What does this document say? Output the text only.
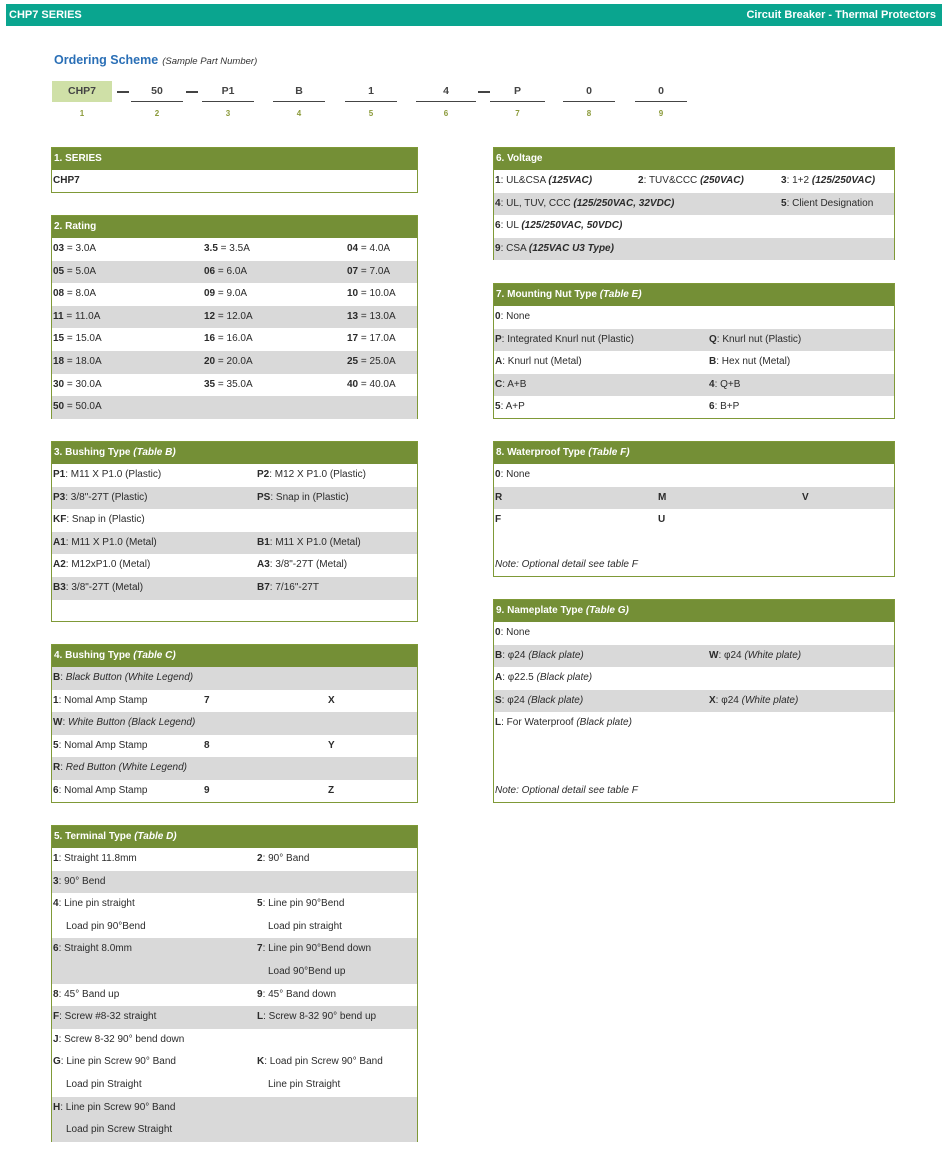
CHP7 SERIES	Circuit Breaker - Thermal Protectors
Ordering Scheme (Sample Part Number)
CHP7
1
50
2
P1
3
B
4
1
5
4
6
P
7
0
8
0
9
1. SERIES
CHP7
2. Rating
03 = 3.0A	3.5 = 3.5A	04 = 4.0A
05 = 5.0A	06 = 6.0A	07 = 7.0A
08 = 8.0A	09 = 9.0A	10 = 10.0A
11 = 11.0A	12 = 12.0A	13 = 13.0A
15 = 15.0A	16 = 16.0A	17 = 17.0A
18 = 18.0A	20 = 20.0A	25 = 25.0A
30 = 30.0A	35 = 35.0A	40 = 40.0A
50 = 50.0A
3. Bushing Type (Table B)
P1: M11 X P1.0 (Plastic)	P2: M12 X P1.0 (Plastic)
P3: 3/8"-27T (Plastic)	PS: Snap in (Plastic)
KF: Snap in (Plastic)
A1: M11 X P1.0 (Metal)	B1: M11 X P1.0 (Metal)
A2: M12xP1.0 (Metal)	A3: 3/8"-27T (Metal)
B3: 3/8"-27T (Metal)	B7: 7/16"-27T
4. Bushing Type (Table C)
B: Black Button (White Legend)
1: Nomal Amp Stamp	7	X
W: White Button (Black Legend)
5: Nomal Amp Stamp	8	Y
R: Red Button (White Legend)
6: Nomal Amp Stamp	9	Z
5. Terminal Type (Table D)
1: Straight 11.8mm	2: 90° Band
3: 90° Bend
4: Line pin straight	5: Line pin 90°Bend
Load pin 90°Bend	Load pin straight
6: Straight 8.0mm	7: Line pin 90°Bend down
Load 90°Bend up
8: 45° Band up	9: 45° Band down
F: Screw #8-32 straight	L: Screw 8-32 90° bend up
J: Screw 8-32 90° bend down
G: Line pin Screw 90° Band	K: Load pin Screw 90° Band
Load pin Straight	Line pin Straight
H: Line pin Screw 90° Band
Load pin Screw Straight
6. Voltage
1: UL&CSA (125VAC)	2: TUV&CCC (250VAC)	3: 1+2 (125/250VAC)
4: UL, TUV, CCC (125/250VAC, 32VDC)	5: Client Designation
6: UL (125/250VAC, 50VDC)
9: CSA (125VAC U3 Type)
7. Mounting Nut Type (Table E)
0: None
P: Integrated Knurl nut (Plastic)	Q: Knurl nut (Plastic)
A: Knurl nut (Metal)	B: Hex nut (Metal)
C: A+B	4: Q+B
5: A+P	6: B+P
8. Waterproof Type (Table F)
0: None
R	M	V
F	U
Note: Optional detail see table F
9. Nameplate Type (Table G)
0: None
B: φ24 (Black plate)	W: φ24 (White plate)
A: φ22.5 (Black plate)
S: φ24 (Black plate)	X: φ24 (White plate)
L: For Waterproof (Black plate)
Note: Optional detail see table F
